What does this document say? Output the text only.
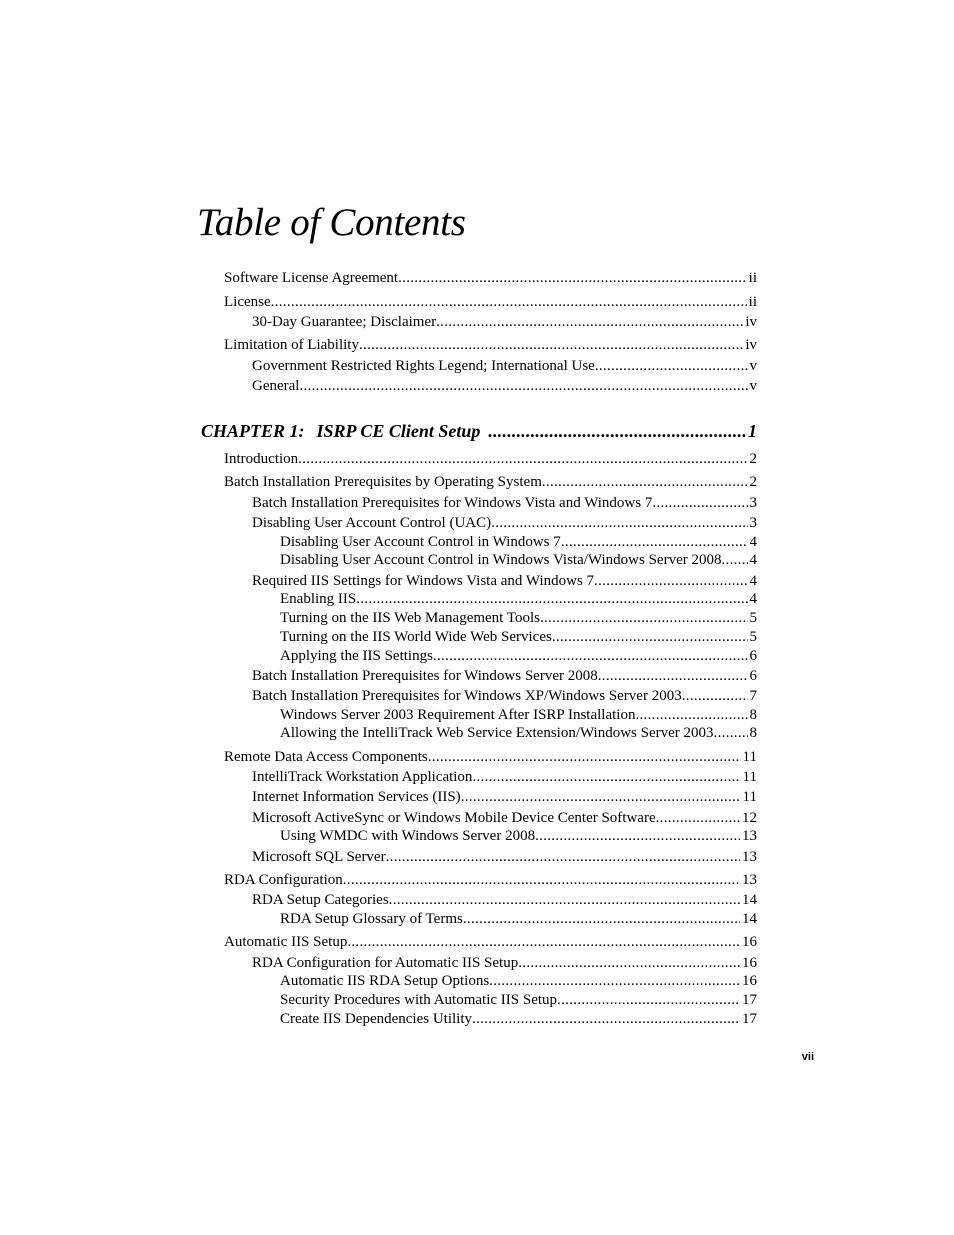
Table of Contents
Software License Agreement .....	ii
License .....	ii
30-Day Guarantee; Disclaimer .....	iv
Limitation of Liability .....	iv
Government Restricted Rights Legend; International Use .....	v
General .....	v
CHAPTER 1: ISRP CE Client Setup .....	1
Introduction .....	2
Batch Installation Prerequisites by Operating System .....	2
Batch Installation Prerequisites for Windows Vista and Windows 7 .....	3
Disabling User Account Control (UAC) .....	3
Disabling User Account Control in Windows 7 .....	4
Disabling User Account Control in Windows Vista/Windows Server 2008 ..... 4
Required IIS Settings for Windows Vista and Windows 7 .....	4
Enabling IIS .....	4
Turning on the IIS Web Management Tools .....	5
Turning on the IIS World Wide Web Services .....	5
Applying the IIS Settings .....	6
Batch Installation Prerequisites for Windows Server 2008 .....	6
Batch Installation Prerequisites for Windows XP/Windows Server 2003 .....	7
Windows Server 2003 Requirement After ISRP Installation .....	8
Allowing the IntelliTrack Web Service Extension/Windows Server 2003 ..... 8
Remote Data Access Components .....	11
IntelliTrack Workstation Application .....	11
Internet Information Services (IIS) .....	11
Microsoft ActiveSync or Windows Mobile Device Center Software .....	12
Using WMDC with Windows Server 2008 .....	13
Microsoft SQL Server .....	13
RDA Configuration .....	13
RDA Setup Categories .....	14
RDA Setup Glossary of Terms .....	14
Automatic IIS Setup .....	16
RDA Configuration for Automatic IIS Setup .....	16
Automatic IIS RDA Setup Options .....	16
Security Procedures with Automatic IIS Setup .....	17
Create IIS Dependencies Utility .....	17
vii
